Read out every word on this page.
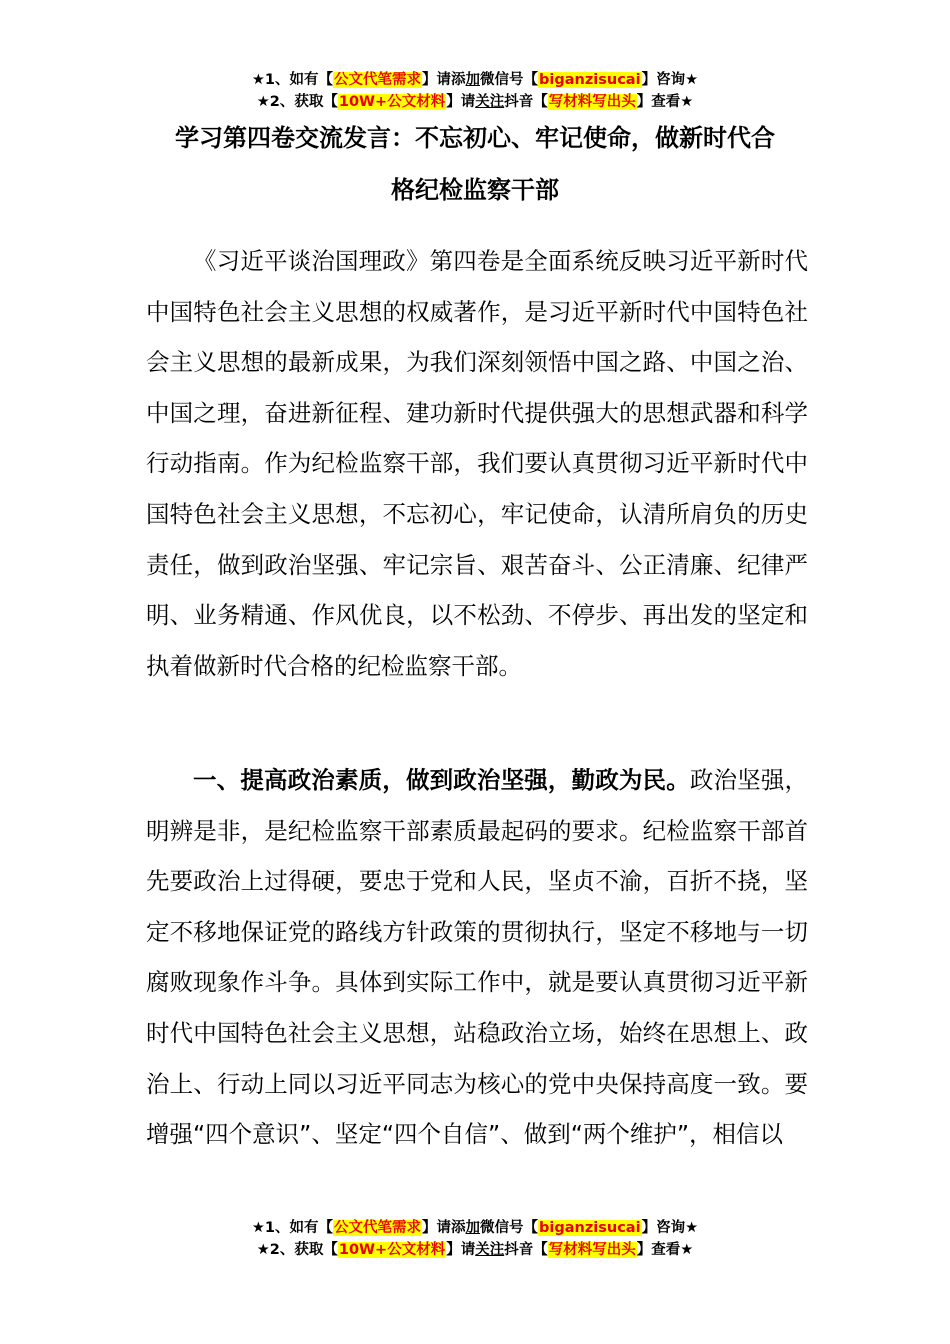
★1、如有【公文代笔需求】请添加微信号【biganzisucai】咨询★
★2、获取【10W+公文材料】请关注抖音【写材料写出头】查看★
学习第四卷交流发言：不忘初心、牢记使命，做新时代合
格纪检监察干部

《习近平谈治国理政》第四卷是全面系统反映习近平新时代中国特色社会主义思想的权威著作，是习近平新时代中国特色社会主义思想的最新成果，为我们深刻领悟中国之路、中国之治、中国之理，奋进新征程、建功新时代提供强大的思想武器和科学行动指南。作为纪检监察干部，我们要认真贯彻习近平新时代中国特色社会主义思想，不忘初心，牢记使命，认清所肩负的历史责任，做到政治坚强、牢记宗旨、艰苦奋斗、公正清廉、纪律严明、业务精通、作风优良，以不松劲、不停步、再出发的坚定和执着做新时代合格的纪检监察干部。

一、提高政治素质，做到政治坚强，勤政为民。政治坚强，明辨是非，是纪检监察干部素质最起码的要求。纪检监察干部首先要政治上过得硬，要忠于党和人民，坚贞不渝，百折不挠，坚定不移地保证党的路线方针政策的贯彻执行，坚定不移地与一切腐败现象作斗争。具体到实际工作中，就是要认真贯彻习近平新时代中国特色社会主义思想，站稳政治立场，始终在思想上、政治上、行动上同以习近平同志为核心的党中央保持高度一致。要增强“四个意识”、坚定“四个自信”、做到“两个维护”，相信以

★1、如有【公文代笔需求】请添加微信号【biganzisucai】咨询★
★2、获取【10W+公文材料】请关注抖音【写材料写出头】查看★
